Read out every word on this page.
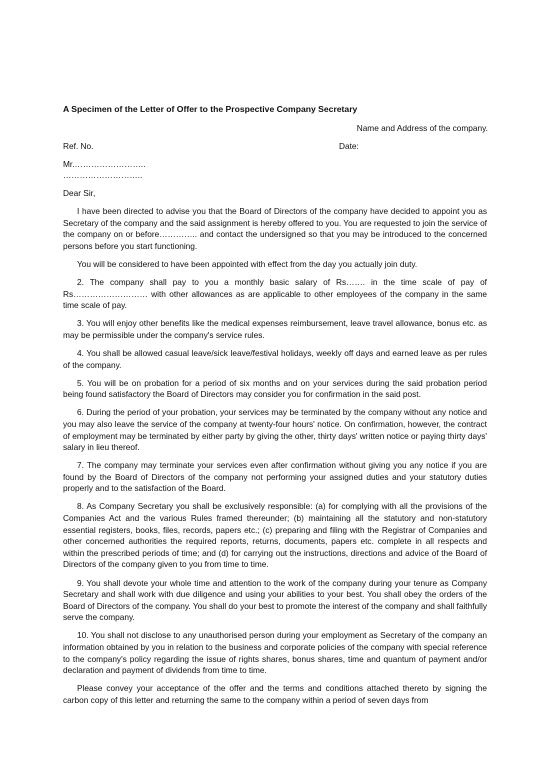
A Specimen of the Letter of Offer to the Prospective Company Secretary
Name and Address of the company.
Ref. No.	Date:
Mr.……………………..
………………………..
Dear Sir,

I have been directed to advise you that the Board of Directors of the company have decided to appoint you as Secretary of the company and the said assignment is hereby offered to you. You are requested to join the service of the company on or before………….. and contact the undersigned so that you may be introduced to the concerned persons before you start functioning.

You will be considered to have been appointed with effect from the day you actually join duty.

2. The company shall pay to you a monthly basic salary of Rs……. in the time scale of pay of Rs……………………… with other allowances as are applicable to other employees of the company in the same time scale of pay.

3. You will enjoy other benefits like the medical expenses reimbursement, leave travel allowance, bonus etc. as may be permissible under the company's service rules.

4. You shall be allowed casual leave/sick leave/festival holidays, weekly off days and earned leave as per rules of the company.

5. You will be on probation for a period of six months and on your services during the said probation period being found satisfactory the Board of Directors may consider you for confirmation in the said post.

6. During the period of your probation, your services may be terminated by the company without any notice and you may also leave the service of the company at twenty-four hours' notice. On confirmation, however, the contract of employment may be terminated by either party by giving the other, thirty days' written notice or paying thirty days' salary in lieu thereof.

7. The company may terminate your services even after confirmation without giving you any notice if you are found by the Board of Directors of the company not performing your assigned duties and your statutory duties properly and to the satisfaction of the Board.

8. As Company Secretary you shall be exclusively responsible: (a) for complying with all the provisions of the Companies Act and the various Rules framed thereunder; (b) maintaining all the statutory and non-statutory essential registers, books, files, records, papers etc.; (c) preparing and filing with the Registrar of Companies and other concerned authorities the required reports, returns, documents, papers etc. complete in all respects and within the prescribed periods of time; and (d) for carrying out the instructions, directions and advice of the Board of Directors of the company given to you from time to time.

9. You shall devote your whole time and attention to the work of the company during your tenure as Company Secretary and shall work with due diligence and using your abilities to your best. You shall obey the orders of the Board of Directors of the company. You shall do your best to promote the interest of the company and shall faithfully serve the company.

10. You shall not disclose to any unauthorised person during your employment as Secretary of the company an information obtained by you in relation to the business and corporate policies of the company with special reference to the company's policy regarding the issue of rights shares, bonus shares, time and quantum of payment and/or declaration and payment of dividends from time to time.

Please convey your acceptance of the offer and the terms and conditions attached thereto by signing the carbon copy of this letter and returning the same to the company within a period of seven days from
